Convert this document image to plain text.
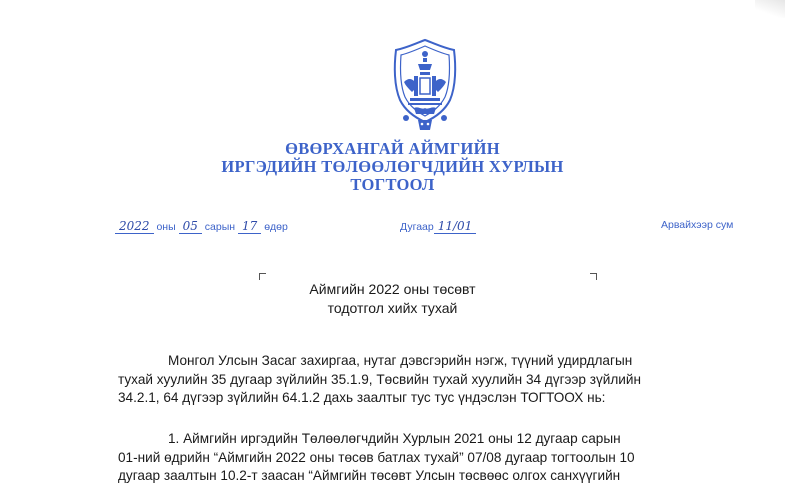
ӨВӨРХАНГАЙ АЙМГИЙН
ИРГЭДИЙН ТӨЛӨӨЛӨГЧДИЙН ХУРЛЫН
ТОГТООЛ
2022 оны 05 сарын 17 өдөр	Дугаар 11/01	Арвайхээр сум
Аймгийн 2022 оны төсөвт
тодотгол хийх тухай
Монгол Улсын Засаг захиргаа, нутаг дэвсгэрийн нэгж, түүний удирдлагын
тухай хуулийн 35 дугаар зүйлийн 35.1.9, Төсвийн тухай хуулийн 34 дүгээр зүйлийн
34.2.1, 64 дүгээр зүйлийн 64.1.2 дахь заалтыг тус тус үндэслэн ТОГТООХ нь:
1. Аймгийн иргэдийн Төлөөлөгчдийн Хурлын 2021 оны 12 дугаар сарын
01-ний өдрийн “Аймгийн 2022 оны төсөв батлах тухай” 07/08 дугаар тогтоолын 10
дугаар заалтын 10.2-т заасан “Аймгийн төсөвт Улсын төсвөөс олгох санхүүгийн
